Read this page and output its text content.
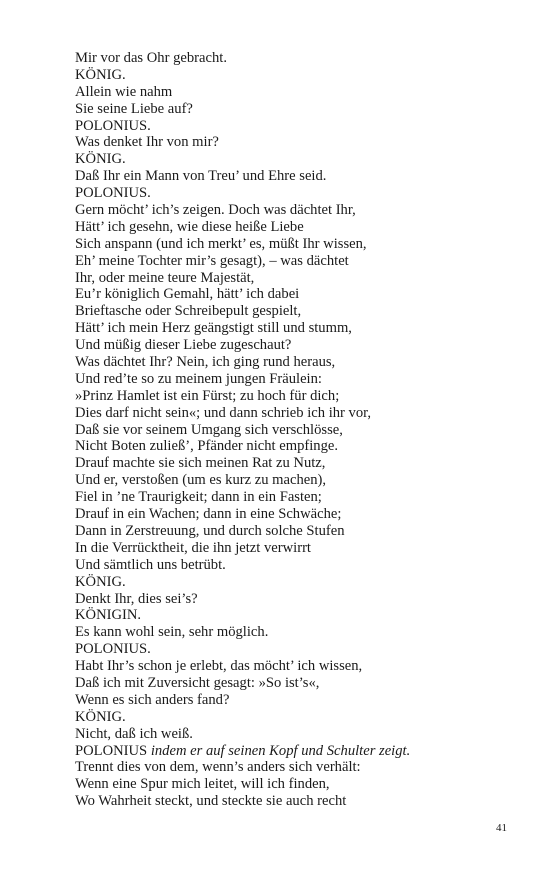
Mir vor das Ohr gebracht.
KÖNIG.
Allein wie nahm
Sie seine Liebe auf?
POLONIUS.
Was denket Ihr von mir?
KÖNIG.
Daß Ihr ein Mann von Treu’ und Ehre seid.
POLONIUS.
Gern möcht’ ich’s zeigen. Doch was dächtet Ihr,
Hätt’ ich gesehn, wie diese heiße Liebe
Sich anspann (und ich merkt’ es, müßt Ihr wissen,
Eh’ meine Tochter mir’s gesagt), – was dächtet
Ihr, oder meine teure Majestät,
Eu’r königlich Gemahl, hätt’ ich dabei
Brieftasche oder Schreibepult gespielt,
Hätt’ ich mein Herz geängstigt still und stumm,
Und müßig dieser Liebe zugeschaut?
Was dächtet Ihr? Nein, ich ging rund heraus,
Und red’te so zu meinem jungen Fräulein:
»Prinz Hamlet ist ein Fürst; zu hoch für dich;
Dies darf nicht sein«; und dann schrieb ich ihr vor,
Daß sie vor seinem Umgang sich verschlösse,
Nicht Boten zuließ’, Pfänder nicht empfinge.
Drauf machte sie sich meinen Rat zu Nutz,
Und er, verstoßen (um es kurz zu machen),
Fiel in ’ne Traurigkeit; dann in ein Fasten;
Drauf in ein Wachen; dann in eine Schwäche;
Dann in Zerstreuung, und durch solche Stufen
In die Verrücktheit, die ihn jetzt verwirrt
Und sämtlich uns betrübt.
KÖNIG.
Denkt Ihr, dies sei’s?
KÖNIGIN.
Es kann wohl sein, sehr möglich.
POLONIUS.
Habt Ihr’s schon je erlebt, das möcht’ ich wissen,
Daß ich mit Zuversicht gesagt: »So ist’s«,
Wenn es sich anders fand?
KÖNIG.
Nicht, daß ich weiß.
POLONIUS indem er auf seinen Kopf und Schulter zeigt.
Trennt dies von dem, wenn’s anders sich verhält:
Wenn eine Spur mich leitet, will ich finden,
Wo Wahrheit steckt, und steckte sie auch recht
41
